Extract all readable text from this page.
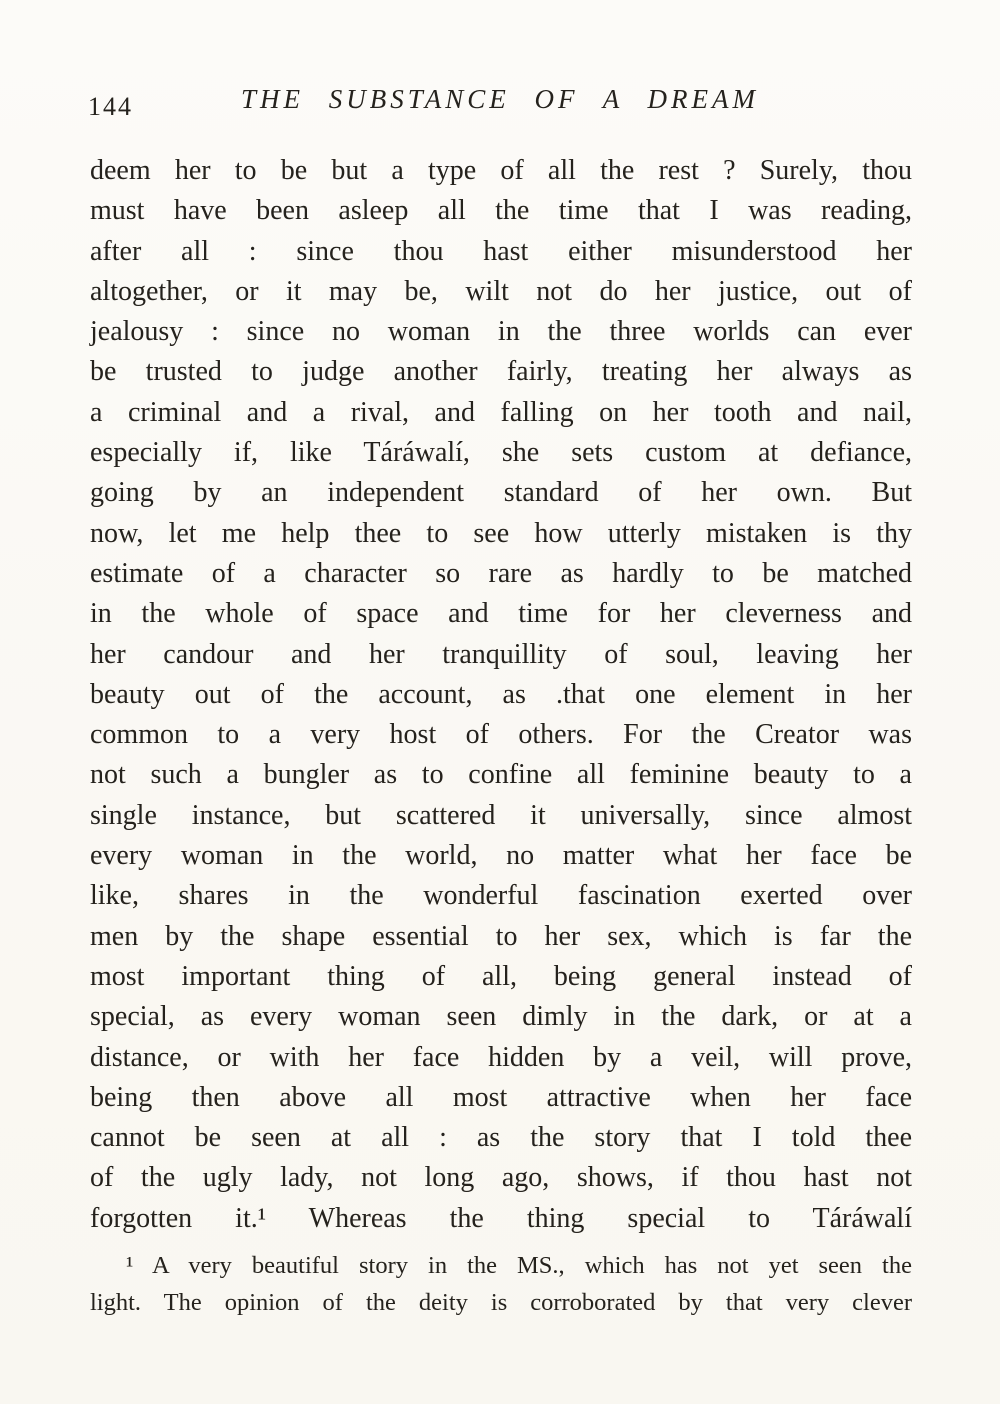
144	THE SUBSTANCE OF A DREAM
deem her to be but a type of all the rest ? Surely, thou
must have been asleep all the time that I was reading,
after all : since thou hast either misunderstood her
altogether, or it may be, wilt not do her justice, out of
jealousy : since no woman in the three worlds can ever
be trusted to judge another fairly, treating her always as
a criminal and a rival, and falling on her tooth and nail,
especially if, like Táráwalí, she sets custom at defiance,
going by an independent standard of her own. But
now, let me help thee to see how utterly mistaken is thy
estimate of a character so rare as hardly to be matched
in the whole of space and time for her cleverness and
her candour and her tranquillity of soul, leaving her
beauty out of the account, as .that one element in her
common to a very host of others. For the Creator was
not such a bungler as to confine all feminine beauty to a
single instance, but scattered it universally, since almost
every woman in the world, no matter what her face be
like, shares in the wonderful fascination exerted over
men by the shape essential to her sex, which is far the
most important thing of all, being general instead of
special, as every woman seen dimly in the dark, or at a
distance, or with her face hidden by a veil, will prove,
being then above all most attractive when her face
cannot be seen at all : as the story that I told thee
of the ugly lady, not long ago, shows, if thou hast not
forgotten it.¹ Whereas the thing special to Táráwalí
¹ A very beautiful story in the MS., which has not yet seen the
light. The opinion of the deity is corroborated by that very clever
